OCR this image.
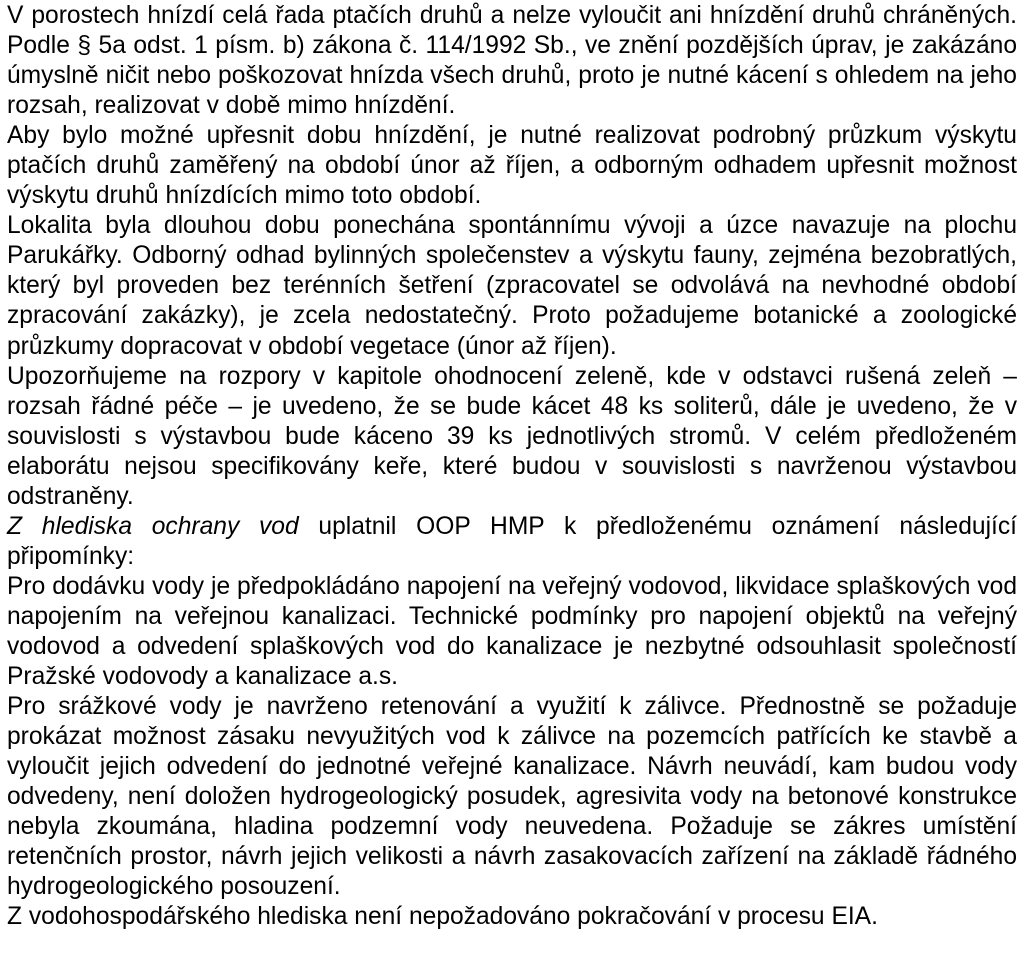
V porostech hnízdí celá řada ptačích druhů a nelze vyloučit ani hnízdění druhů chráněných. Podle § 5a odst. 1 písm. b) zákona č. 114/1992 Sb., ve znění pozdějších úprav, je zakázáno úmyslně ničit nebo poškozovat hnízda všech druhů, proto je nutné kácení s ohledem na jeho rozsah, realizovat v době mimo hnízdění.

Aby bylo možné upřesnit dobu hnízdění, je nutné realizovat podrobný průzkum výskytu ptačích druhů zaměřený na období únor až říjen, a odborným odhadem upřesnit možnost výskytu druhů hnízdících mimo toto období.

Lokalita byla dlouhou dobu ponechána spontánnímu vývoji a úzce navazuje na plochu Parukářky. Odborný odhad bylinných společenstev a výskytu fauny, zejména bezobratlých, který byl proveden bez terénních šetření (zpracovatel se odvolává na nevhodné období zpracování zakázky), je zcela nedostatečný. Proto požadujeme botanické a zoologické průzkumy dopracovat v období vegetace (únor až říjen).

Upozorňujeme na rozpory v kapitole ohodnocení zeleně, kde v odstavci rušená zeleň – rozsah řádné péče – je uvedeno, že se bude kácet 48 ks soliterů, dále je uvedeno, že v souvislosti s výstavbou bude káceno 39 ks jednotlivých stromů. V celém předloženém elaborátu nejsou specifikovány keře, které budou v souvislosti s navrženou výstavbou odstraněny.

Z hlediska ochrany vod uplatnil OOP HMP k předloženému oznámení následující připomínky:

Pro dodávku vody je předpokládáno napojení na veřejný vodovod, likvidace splaškových vod napojením na veřejnou kanalizaci. Technické podmínky pro napojení objektů na veřejný vodovod a odvedení splaškových vod do kanalizace je nezbytné odsouhlasit společností Pražské vodovody a kanalizace a.s.

Pro srážkové vody je navrženo retenování a využití k zálivce. Přednostně se požaduje prokázat možnost zásaku nevyužitých vod k zálivce na pozemcích patřících ke stavbě a vyloučit jejich odvedení do jednotné veřejné kanalizace. Návrh neuvádí, kam budou vody odvedeny, není doložen hydrogeologický posudek, agresivita vody na betonové konstrukce nebyla zkoumána, hladina podzemní vody neuvedena. Požaduje se zákres umístění retenčních prostor, návrh jejich velikosti a návrh zasakovacích zařízení na základě řádného hydrogeologického posouzení.

Z vodohospodářského hlediska není nepožadováno pokračování v procesu EIA.
